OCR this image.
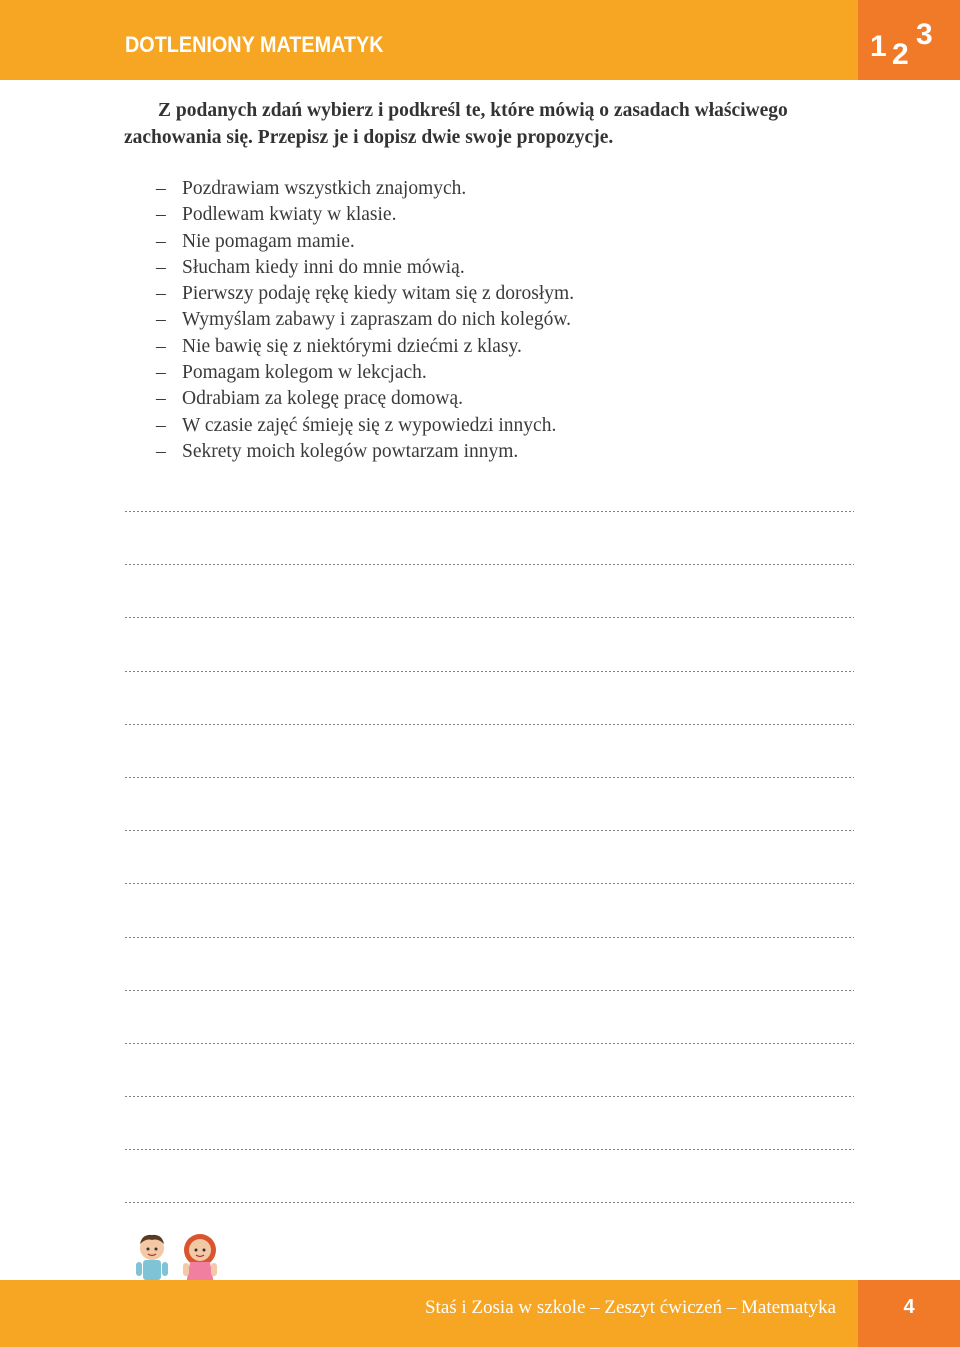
DOTLENIONY MATEMATYK	1 2
3
Z podanych zdań wybierz i podkreśl te, które mówią o zasadach właściwego zachowania się. Przepisz je i dopisz dwie swoje propozycje.
– Pozdrawiam wszystkich znajomych.
– Podlewam kwiaty w klasie.
– Nie pomagam mamie.
– Słucham kiedy inni do mnie mówią.
– Pierwszy podaję rękę kiedy witam się z dorosłym.
– Wymyślam zabawy i zapraszam do nich kolegów.
– Nie bawię się z niektórymi dziećmi z klasy.
– Pomagam kolegom w lekcjach.
– Odrabiam za kolegę pracę domową.
– W czasie zajęć śmieję się z wypowiedzi innych.
– Sekrety moich kolegów powtarzam innym.
Staś i Zosia w szkole – Zeszyt ćwiczeń – Matematyka	4
